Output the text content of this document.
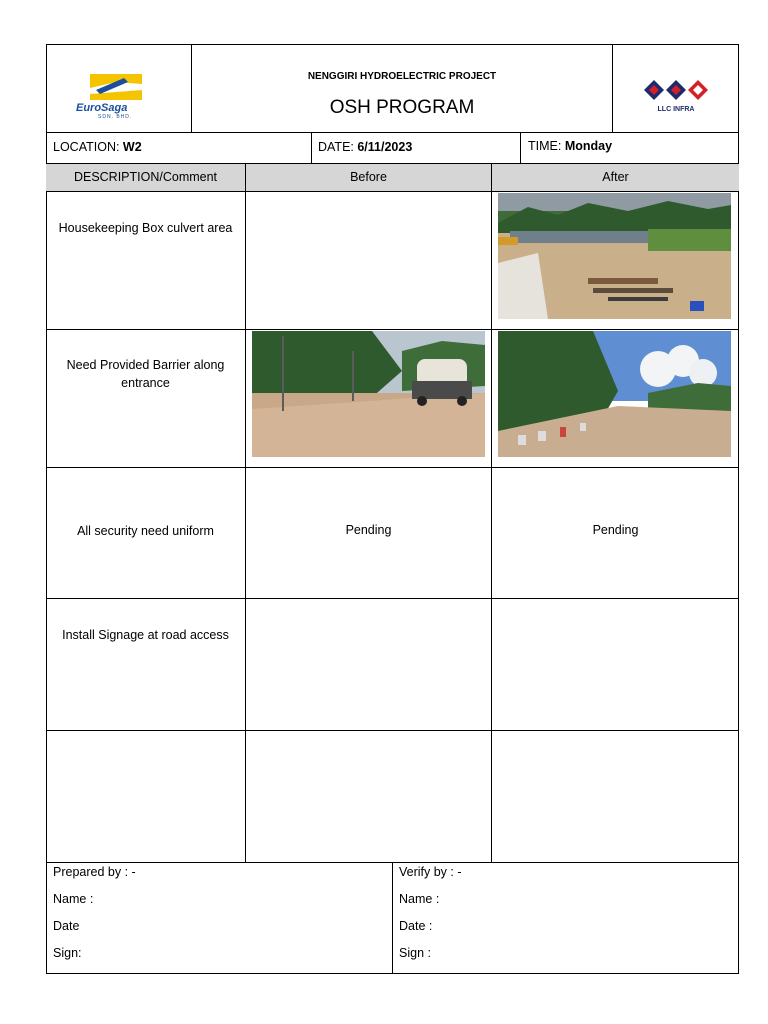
EuroSaga
SDN. BHD.
NENGGIRI HYDROELECTRIC PROJECT
OSH PROGRAM	LLC INFRA
LOCATION: W2	DATE: 6/11/2023	TIME: Monday
DESCRIPTION/Comment	Before	After
Housekeeping Box culvert area
Need Provided Barrier along
entrance
All security need uniform	Pending	Pending
Install Signage at road access
Prepared by : -
Name :
Date
Sign:
Verify by : -
Name :
Date :
Sign :
